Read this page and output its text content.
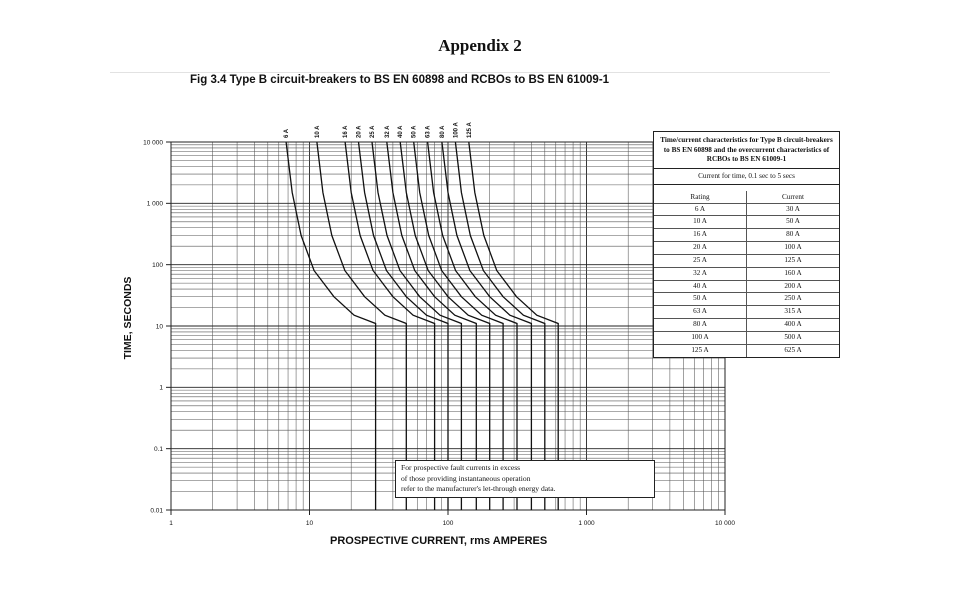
Appendix 2
Fig 3.4 Type B circuit-breakers to BS EN 60898 and RCBOs to BS EN 61009-1
10 000
1 000
100
10
1
0.1
0.01
1	10	100	1 000	10 000
6 A	10 A	16 A 20 A 25 A 32 A 40 A 50 A 63 A 80 A 100 A 125 A
TIME, SECONDS
PROSPECTIVE CURRENT, rms AMPERES
Time/current characteristics for Type B circuit-breakers to BS EN 60898 and the overcurrent characteristics of RCBOs to BS EN 61009-1
Current for time, 0.1 sec to 5 secs
Rating	Current
6 A	30 A
10 A	50 A
16 A	80 A
20 A	100 A
25 A	125 A
32 A	160 A
40 A	200 A
50 A	250 A
63 A	315 A
80 A	400 A
100 A	500 A
125 A	625 A
For prospective fault currents in excess
of those providing instantaneous operation
refer to the manufacturer's let-through energy data.
